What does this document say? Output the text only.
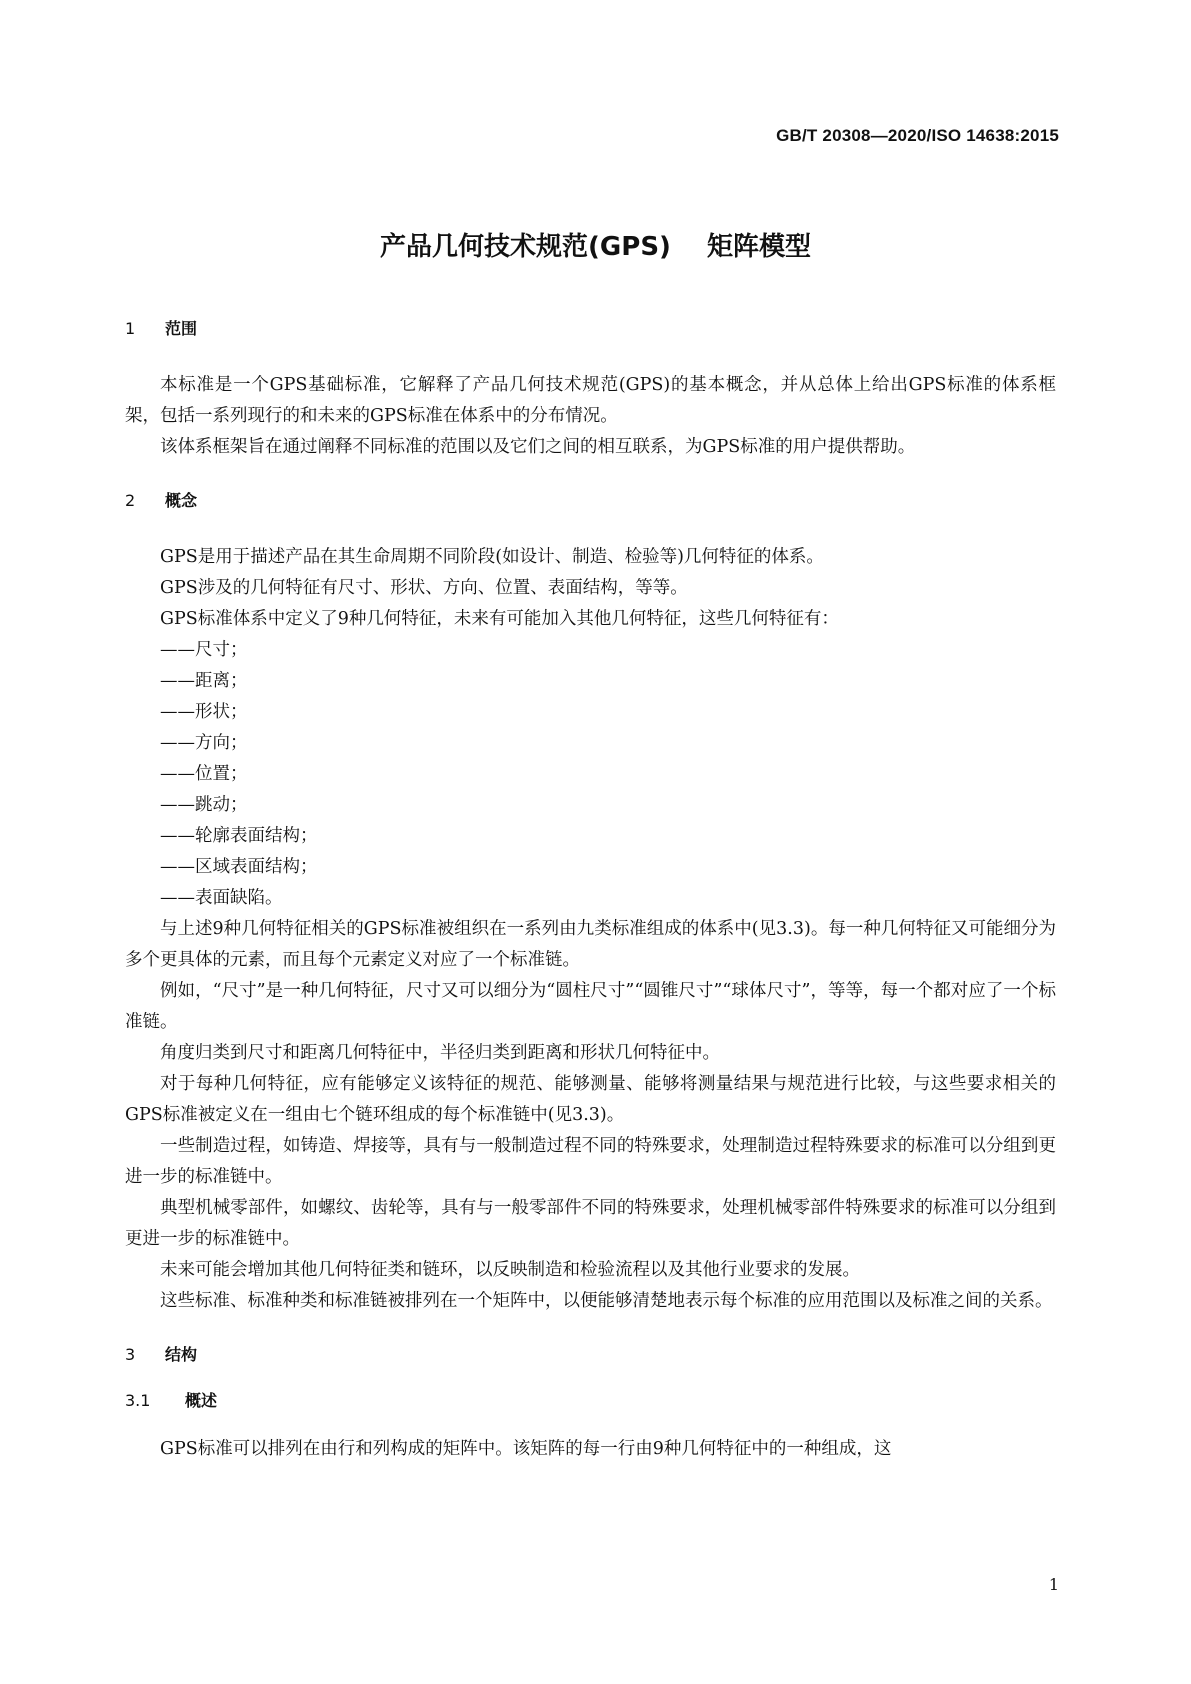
GB/T 20308—2020/ISO 14638:2015
产品几何技术规范(GPS) 矩阵模型
1	范围

本标准是一个GPS基础标准，它解释了产品几何技术规范(GPS)的基本概念，并从总体上给出GPS标准的体系框架，包括一系列现行的和未来的GPS标准在体系中的分布情况。

该体系框架旨在通过阐释不同标准的范围以及它们之间的相互联系，为GPS标准的用户提供帮助。

2	概念

GPS是用于描述产品在其生命周期不同阶段(如设计、制造、检验等)几何特征的体系。

GPS涉及的几何特征有尺寸、形状、方向、位置、表面结构，等等。

GPS标准体系中定义了9种几何特征，未来有可能加入其他几何特征，这些几何特征有：

——尺寸；
——距离；
——形状；
——方向；
——位置；
——跳动；
——轮廓表面结构；
——区域表面结构；
——表面缺陷。

与上述9种几何特征相关的GPS标准被组织在一系列由九类标准组成的体系中(见3.3)。每一种几何特征又可能细分为多个更具体的元素，而且每个元素定义对应了一个标准链。

例如，“尺寸”是一种几何特征，尺寸又可以细分为“圆柱尺寸”“圆锥尺寸”“球体尺寸”，等等，每一个都对应了一个标准链。

角度归类到尺寸和距离几何特征中，半径归类到距离和形状几何特征中。

对于每种几何特征，应有能够定义该特征的规范、能够测量、能够将测量结果与规范进行比较，与这些要求相关的GPS标准被定义在一组由七个链环组成的每个标准链中(见3.3)。

一些制造过程，如铸造、焊接等，具有与一般制造过程不同的特殊要求，处理制造过程特殊要求的标准可以分组到更进一步的标准链中。

典型机械零部件，如螺纹、齿轮等，具有与一般零部件不同的特殊要求，处理机械零部件特殊要求的标准可以分组到更进一步的标准链中。

未来可能会增加其他几何特征类和链环，以反映制造和检验流程以及其他行业要求的发展。

这些标准、标准种类和标准链被排列在一个矩阵中，以便能够清楚地表示每个标准的应用范围以及标准之间的关系。

3	结构
3.1	概述

GPS标准可以排列在由行和列构成的矩阵中。该矩阵的每一行由9种几何特征中的一种组成，这

1
